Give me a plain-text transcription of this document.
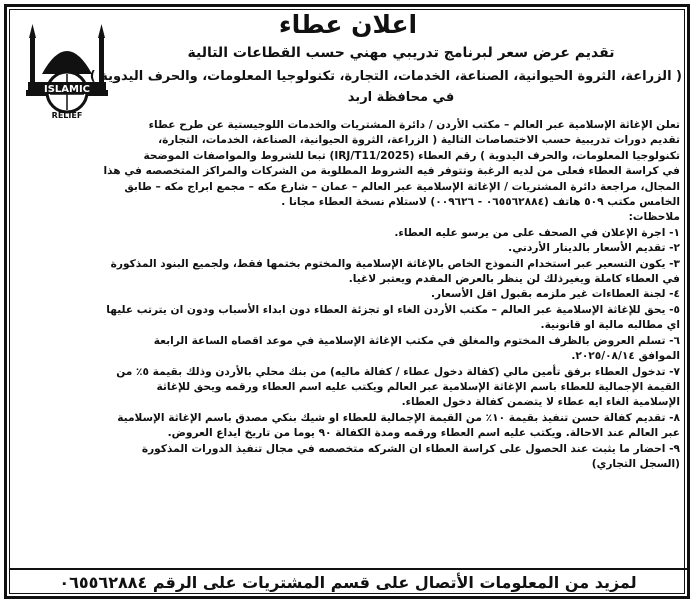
ISLAMIC
RELIEF
اعلان عطاء
تقديم عرض سعر لبرنامج تدريبي مهني حسب القطاعات التالية
( الزراعة، الثروة الحيوانية، الصناعة، الخدمات، التجارة، تكنولوجيا المعلومات، والحرف اليدوية )
في محافظة اربد

تعلن الإغاثة الإسلامية عبر العالم – مكتب الأردن / دائرة المشتريات والخدمات اللوجيستية عن طرح عطاء

تقديم دورات تدريبية حسب الاختصاصات التالية ( الزراعة، الثروة الحيوانية، الصناعة، الخدمات، التجارة،

تكنولوجيا المعلومات، والحرف اليدوية ) رقم العطاء (IRJ/T11/2025) تبعا للشروط والمواصفات الموضحة

في كراسة العطاء فعلى من لديه الرغبة وتتوفر فيه الشروط المطلوبة من الشركات والمراكز المتخصصه في هذا

المجال، مراجعة دائرة المشتريات / الإغاثة الإسلامية عبر العالم – عمان – شارع مكه – مجمع ابراج مكه – طابق

الخامس مكتب ٥٠٩ هاتف (٠٦٥٥٦٢٨٨٤ - ٠٠٩٦٢٦) لاستلام نسخة العطاء مجانا .

ملاحظات:

١- اجرة الإعلان في الصحف على من يرسو عليه العطاء.

٢- تقديم الأسعار بالدينار الأردني.

٣- يكون التسعير عبر استخدام النموذج الخاص بالإغاثة الإسلامية والمختوم بختمها فقط، ولجميع البنود المذكورة

في العطاء كاملة ويغيرذلك لن ينظر بالعرض المقدم ويعتبر لاغيا.

٤- لجنة العطاءات غير ملزمه بقبول اقل الأسعار.

٥- يحق للإغاثة الإسلامية عبر العالم – مكتب الأردن الغاء او تجزئة العطاء دون ابداء الأسباب ودون ان يترتب عليها

اي مطالبه مالية او قانونية.

٦- تسلم العروض بالظرف المختوم والمغلق في مكتب الإغاثة الإسلامية في موعد اقصاه الساعة الرابعة

الموافق ٢٠٢٥/٠٨/١٤.

٧- تدخول العطاء برفق تأمين مالي (كفالة دخول عطاء / كفالة ماليه) من بنك محلي بالأردن وذلك بقيمة ٥٪ من

القيمة الإجمالية للعطاء باسم الإغاثة الإسلامية عبر العالم ويكتب عليه اسم العطاء ورقمه ويحق للإغاثة

الإسلامية الغاء ايه عطاء لا يتضمن كفالة دخول العطاء.

٨- تقديم كفالة حسن تنفيذ بقيمة ١٠٪ من القيمة الإجمالية للعطاء او شيك بنكي مصدق باسم الإغاثة الإسلامية

عبر العالم عند الاحالة. ويكتب عليه اسم العطاء ورقمه ومدة الكفالة ٩٠ يوما من تاريخ ايداع العروض.

٩- احضار ما يثبت عند الحصول على كراسة العطاء ان الشركه متخصصه في مجال تنفيذ الدورات المذكورة

(السجل التجاري)

لمزيد من المعلومات الأتصال على قسم المشتريات على الرقم ٠٦٥٥٦٢٨٨٤
